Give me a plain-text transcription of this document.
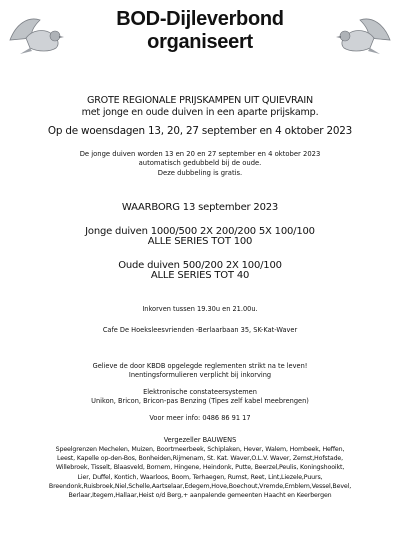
BOD-Dijleverbond
organiseert
GROTE REGIONALE PRIJSKAMPEN UIT QUIEVRAIN
met jonge en oude duiven in een aparte prijskamp.
Op de woensdagen 13, 20, 27 september en 4 oktober 2023
De jonge duiven worden 13 en 20 en 27 september en 4 oktober 2023
automatisch gedubbeld bij de oude.
Deze dubbeling is gratis.
WAARBORG 13 september 2023
Jonge duiven 1000/500 2X 200/200 5X 100/100
ALLE SERIES TOT 100
Oude duiven 500/200 2X 100/100
ALLE SERIES TOT 40
Inkorven tussen 19.30u en 21.00u.
Cafe De Hoeksleesvrienden -Berlaarbaan 35, SK-Kat-Waver
Gelieve de door KBDB opgelegde reglementen strikt na te leven!
Inentingsformulieren verplicht bij inkorving
Elektronische constateersystemen
Unikon, Bricon, Bricon-pas Benzing (Tipes zelf kabel meebrengen)
Voor meer info: 0486 86 91 17
Vergezeller BAUWENS
Speelgrenzen Mechelen, Muizen, Boortmeerbeek, Schiplaken, Hever, Walem, Hombeek, Heffen,
Leest, Kapelle op-den-Bos, Bonheiden,Rijmenam, St. Kat. Waver,O.L.V. Waver, Zemst,Hofstade,
Willebroek, Tisselt, Blaasveld, Bornem, Hingene, Heindonk, Putte, Beerzel,Peulis, Koningshooikt,
Lier, Duffel, Kontich, Waarloos, Boom, Terhaegen, Rumst, Reet, Lint,Liezele,Puurs,
Breendonk,Ruisbroek,Niel,Schelle,Aartselaar,Edegem,Hove,Boechout,Vremde,Emblem,Vessel,Bevel,
Berlaar,Itegem,Hallaar,Heist o/d Berg,+ aanpalende gemeenten Haacht en Keerbergen
